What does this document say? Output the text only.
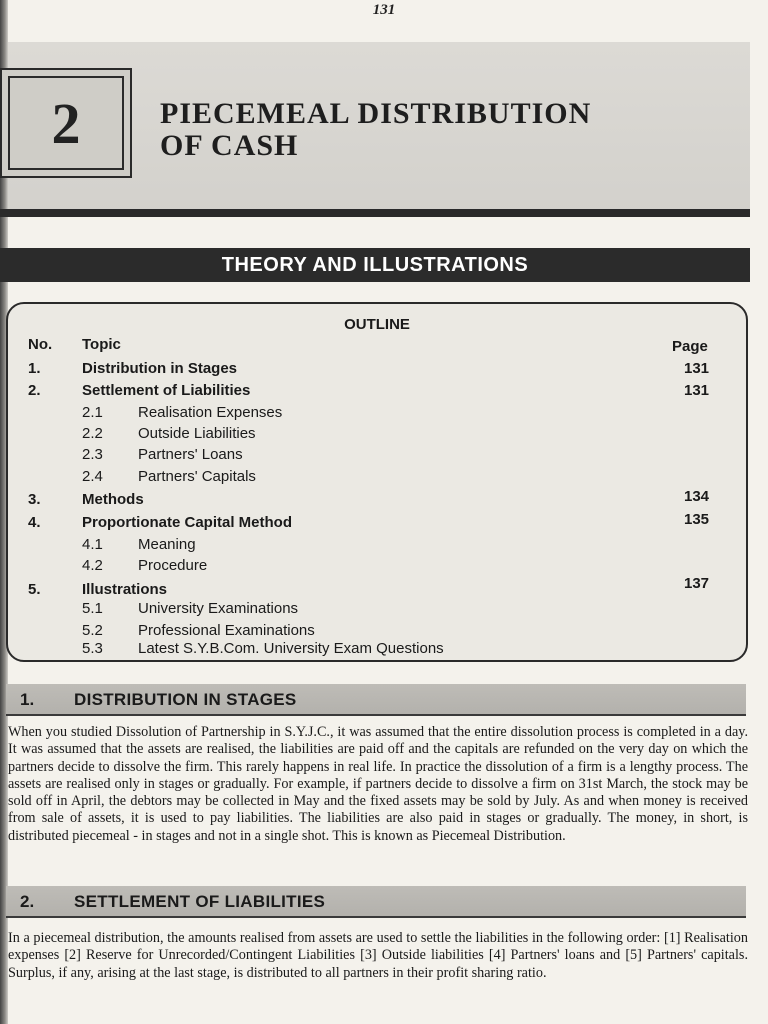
131
2	PIECEMEAL DISTRIBUTION
OF CASH
THEORY AND ILLUSTRATIONS
OUTLINE
No. Topic	Page
1.	Distribution in Stages	131
2.	Settlement of Liabilities	131
2.1 Realisation Expenses
2.2 Outside Liabilities
2.3 Partners' Loans
2.4 Partners' Capitals
3.	Methods	134
4.	Proportionate Capital Method	135
4.1 Meaning
4.2 Procedure
5.	Illustrations	137
5.1 University Examinations
5.2 Professional Examinations
5.3 Latest S.Y.B.Com. University Exam Questions
1. DISTRIBUTION IN STAGES
When you studied Dissolution of Partnership in S.Y.J.C., it was assumed that the entire dissolution process is completed in a day. It was assumed that the assets are realised, the liabilities are paid off and the capitals are refunded on the very day on which the partners decide to dissolve the firm. This rarely happens in real life. In practice the dissolution of a firm is a lengthy process. The assets are realised only in stages or gradually. For example, if partners decide to dissolve a firm on 31st March, the stock may be sold off in April, the debtors may be collected in May and the fixed assets may be sold by July. As and when money is received from sale of assets, it is used to pay liabilities. The liabilities are also paid in stages or gradually. The money, in short, is distributed piecemeal - in stages and not in a single shot. This is known as Piecemeal Distribution.
2. SETTLEMENT OF LIABILITIES
In a piecemeal distribution, the amounts realised from assets are used to settle the liabilities in the following order: [1] Realisation expenses [2] Reserve for Unrecorded/Contingent Liabilities [3] Outside liabilities [4] Partners' loans and [5] Partners' capitals. Surplus, if any, arising at the last stage, is distributed to all partners in their profit sharing ratio.
